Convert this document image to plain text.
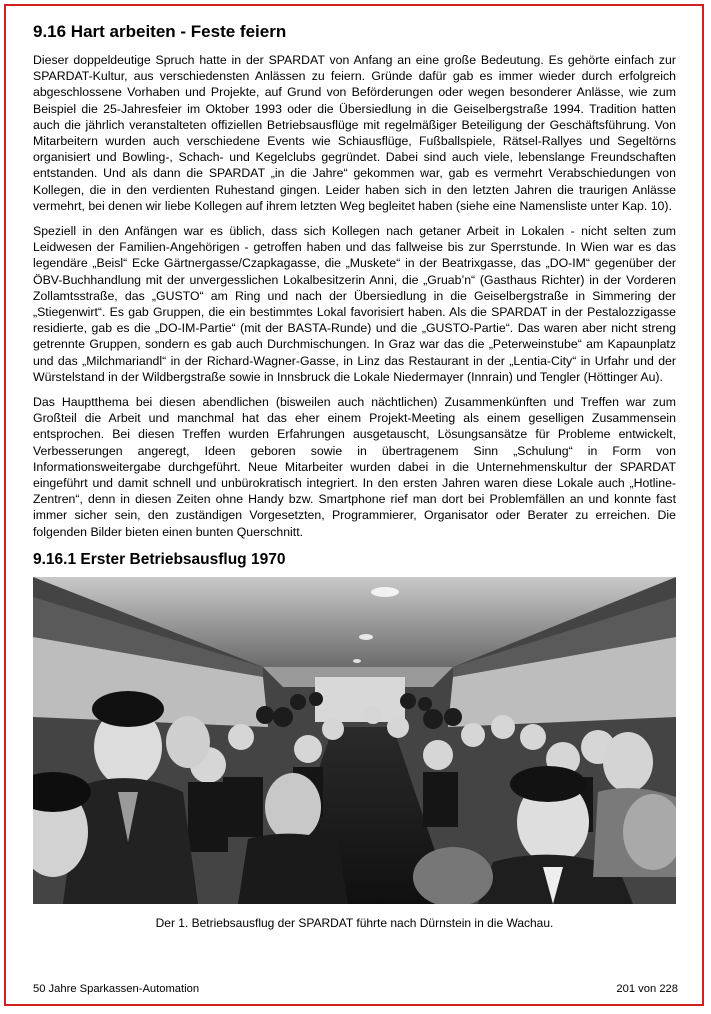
9.16 Hart arbeiten - Feste feiern

Dieser doppeldeutige Spruch hatte in der SPARDAT von Anfang an eine große Bedeutung. Es gehörte einfach zur SPARDAT-Kultur, aus verschiedensten Anlässen zu feiern. Gründe dafür gab es immer wieder durch erfolgreich abgeschlossene Vorhaben und Projekte, auf Grund von Beförderungen oder wegen besonderer Anlässe, wie zum Beispiel die 25-Jahresfeier im Oktober 1993 oder die Übersiedlung in die Geiselbergstraße 1994. Tradition hatten auch die jährlich veranstalteten offiziellen Betriebsausflüge mit regelmäßiger Beteiligung der Geschäftsführung. Von Mitarbeitern wurden auch verschiedene Events wie Schiausflüge, Fußballspiele, Rätsel-Rallyes und Segeltörns organisiert und Bowling-, Schach- und Kegelclubs gegründet. Dabei sind auch viele, lebenslange Freundschaften entstanden. Und als dann die SPARDAT „in die Jahre“ gekommen war, gab es vermehrt Verabschiedungen von Kollegen, die in den verdienten Ruhestand gingen. Leider haben sich in den letzten Jahren die traurigen Anlässe vermehrt, bei denen wir liebe Kollegen auf ihrem letzten Weg begleitet haben (siehe eine Namensliste unter Kap. 10).

Speziell in den Anfängen war es üblich, dass sich Kollegen nach getaner Arbeit in Lokalen - nicht selten zum Leidwesen der Familien-Angehörigen - getroffen haben und das fallweise bis zur Sperrstunde. In Wien war es das legendäre „Beisl“ Ecke Gärtnergasse/Czapkagasse, die „Muskete“ in der Beatrixgasse, das „DO-IM“ gegenüber der ÖBV-Buchhandlung mit der unvergesslichen Lokalbesitzerin Anni, die „Gruab’n“ (Gasthaus Richter) in der Vorderen Zollamtsstraße, das „GUSTO“ am Ring und nach der Übersiedlung in die Geiselbergstraße in Simmering der „Stiegenwirt“. Es gab Gruppen, die ein bestimmtes Lokal favorisiert haben. Als die SPARDAT in der Pestalozzigasse residierte, gab es die „DO-IM-Partie“ (mit der BASTA-Runde) und die „GUSTO-Partie“. Das waren aber nicht streng getrennte Gruppen, sondern es gab auch Durchmischungen. In Graz war das die „Peterweinstube“ am Kapaunplatz und das „Milchmariandl“ in der Richard-Wagner-Gasse, in Linz das Restaurant in der „Lentia-City“ in Urfahr und der Würstelstand in der Wildbergstraße sowie in Innsbruck die Lokale Niedermayer (Innrain) und Tengler (Höttinger Au).

Das Hauptthema bei diesen abendlichen (bisweilen auch nächtlichen) Zusammenkünften und Treffen war zum Großteil die Arbeit und manchmal hat das eher einem Projekt-Meeting als einem geselligen Zusammensein entsprochen. Bei diesen Treffen wurden Erfahrungen ausgetauscht, Lösungsansätze für Probleme entwickelt, Verbesserungen angeregt, Ideen geboren sowie in übertragenem Sinn „Schulung“ in Form von Informationsweitergabe durchgeführt. Neue Mitarbeiter wurden dabei in die Unternehmenskultur der SPARDAT eingeführt und damit schnell und unbürokratisch integriert. In den ersten Jahren waren diese Lokale auch „Hotline-Zentren“, denn in diesen Zeiten ohne Handy bzw. Smartphone rief man dort bei Problemfällen an und konnte fast immer sicher sein, den zuständigen Vorgesetzten, Programmierer, Organisator oder Berater zu erreichen. Die folgenden Bilder bieten einen bunten Querschnitt.

9.16.1 Erster Betriebsausflug 1970
Der 1. Betriebsausflug der SPARDAT führte nach Dürnstein in die Wachau.
50 Jahre Sparkassen-Automation	201 von 228
